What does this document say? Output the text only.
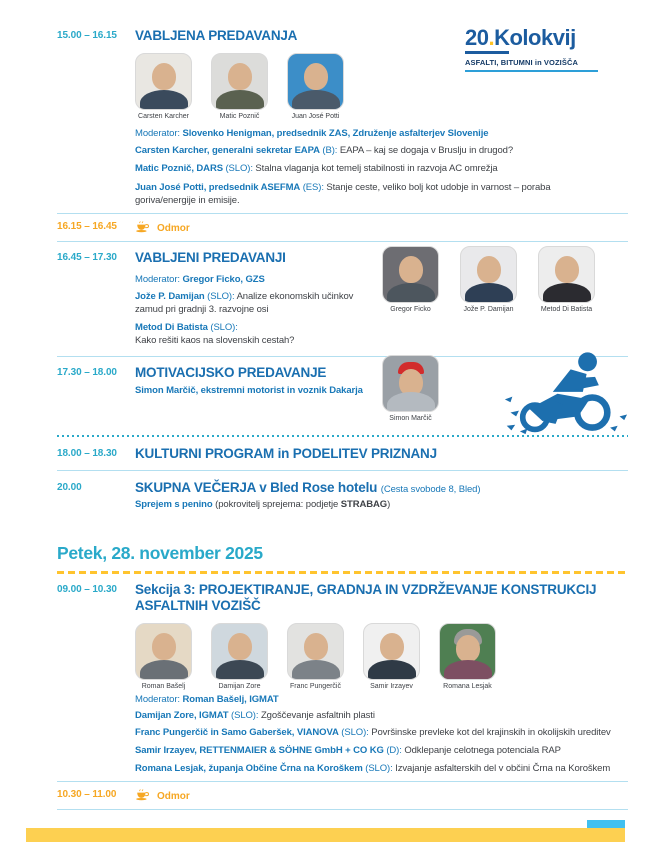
20.Kolokvij
ASFALTI, BITUMNI in VOZIŠČA
15.00 – 16.15	VABLJENA PREDAVANJA
Carsten Karcher	Matic Poznič	Juan José Potti
Moderator: Slovenko Henigman, predsednik ZAS, Združenje asfalterjev Slovenije

Carsten Karcher, generalni sekretar EAPA (B): EAPA – kaj se dogaja v Bruslju in drugod?

Matic Poznič, DARS (SLO): Stalna vlaganja kot temelj stabilnosti in razvoja AC omrežja

Juan José Potti, predsednik ASEFMA (ES): Stanje ceste, veliko bolj kot udobje in varnost – poraba goriva/energije in emisije.

16.15 – 16.45	Odmor
16.45 – 17.30	VABLJENI PREDAVANJI
Moderator: Gregor Ficko, GZS

Jože P. Damijan (SLO): Analize ekonomskih učinkov zamud pri gradnji 3. razvojne osi

Metod Di Batista (SLO):
Kako rešiti kaos na slovenskih cestah?

Gregor Ficko	Jože P. Damijan	Metod Di Batista
17.30 – 18.00	MOTIVACIJSKO PREDAVANJE
Simon Marčič, ekstremni motorist in voznik Dakarja
Simon Marčič
18.00 – 18.30	KULTURNI PROGRAM in PODELITEV PRIZNANJ
20.00	SKUPNA VEČERJA v Bled Rose hotelu (Cesta svobode 8, Bled)
Sprejem s penino (pokrovitelj sprejema: podjetje STRABAG)
Petek, 28. november 2025
09.00 – 10.30	Sekcija 3: PROJEKTIRANJE, GRADNJA IN VZDRŽEVANJE KONSTRUKCIJ ASFALTNIH VOZIŠČ
Roman Bašelj	Damijan Zore	Franc Pungerčič	Samir Irzayev	Romana Lesjak
Moderator: Roman Bašelj, IGMAT

Damijan Zore, IGMAT (SLO): Zgoščevanje asfaltnih plasti

Franc Pungerčič in Samo Gaberšek, VIANOVA (SLO): Površinske prevleke kot del krajinskih in okolijskih ureditev

Samir Irzayev, RETTENMAIER & SÖHNE GmbH + CO KG (D): Odklepanje celotnega potenciala RAP

Romana Lesjak, županja Občine Črna na Koroškem (SLO): Izvajanje asfalterskih del v občini Črna na Koroškem

10.30 – 11.00	Odmor
